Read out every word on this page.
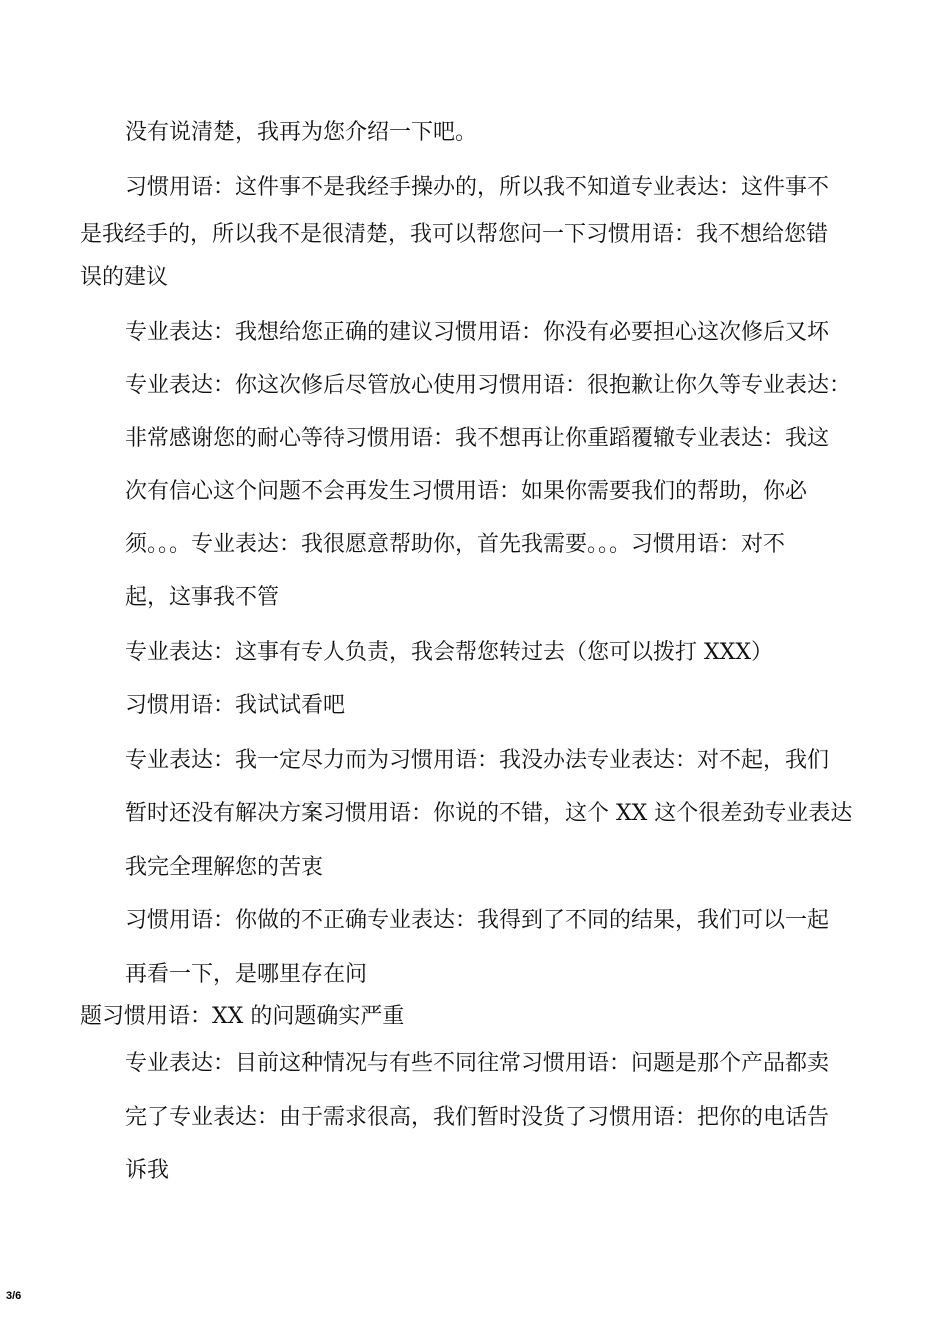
没有说清楚，我再为您介绍一下吧。
习惯用语：这件事不是我经手操办的，所以我不知道专业表达：这件事不
是我经手的，所以我不是很清楚，我可以帮您问一下习惯用语：我不想给您错
误的建议
专业表达：我想给您正确的建议习惯用语：你没有必要担心这次修后又坏
专业表达：你这次修后尽管放心使用习惯用语：很抱歉让你久等专业表达：
非常感谢您的耐心等待习惯用语：我不想再让你重蹈覆辙专业表达：我这
次有信心这个问题不会再发生习惯用语：如果你需要我们的帮助，你必
须。。。专业表达：我很愿意帮助你，首先我需要。。。习惯用语：对不
起，这事我不管
专业表达：这事有专人负责，我会帮您转过去（您可以拨打 XXX）
习惯用语：我试试看吧
专业表达：我一定尽力而为习惯用语：我没办法专业表达：对不起，我们
暂时还没有解决方案习惯用语：你说的不错，这个 XX 这个很差劲专业表达
我完全理解您的苦衷
习惯用语：你做的不正确专业表达：我得到了不同的结果，我们可以一起
再看一下，是哪里存在问
题习惯用语：XX 的问题确实严重
专业表达：目前这种情况与有些不同往常习惯用语：问题是那个产品都卖
完了专业表达：由于需求很高，我们暂时没货了习惯用语：把你的电话告
诉我
3/6
